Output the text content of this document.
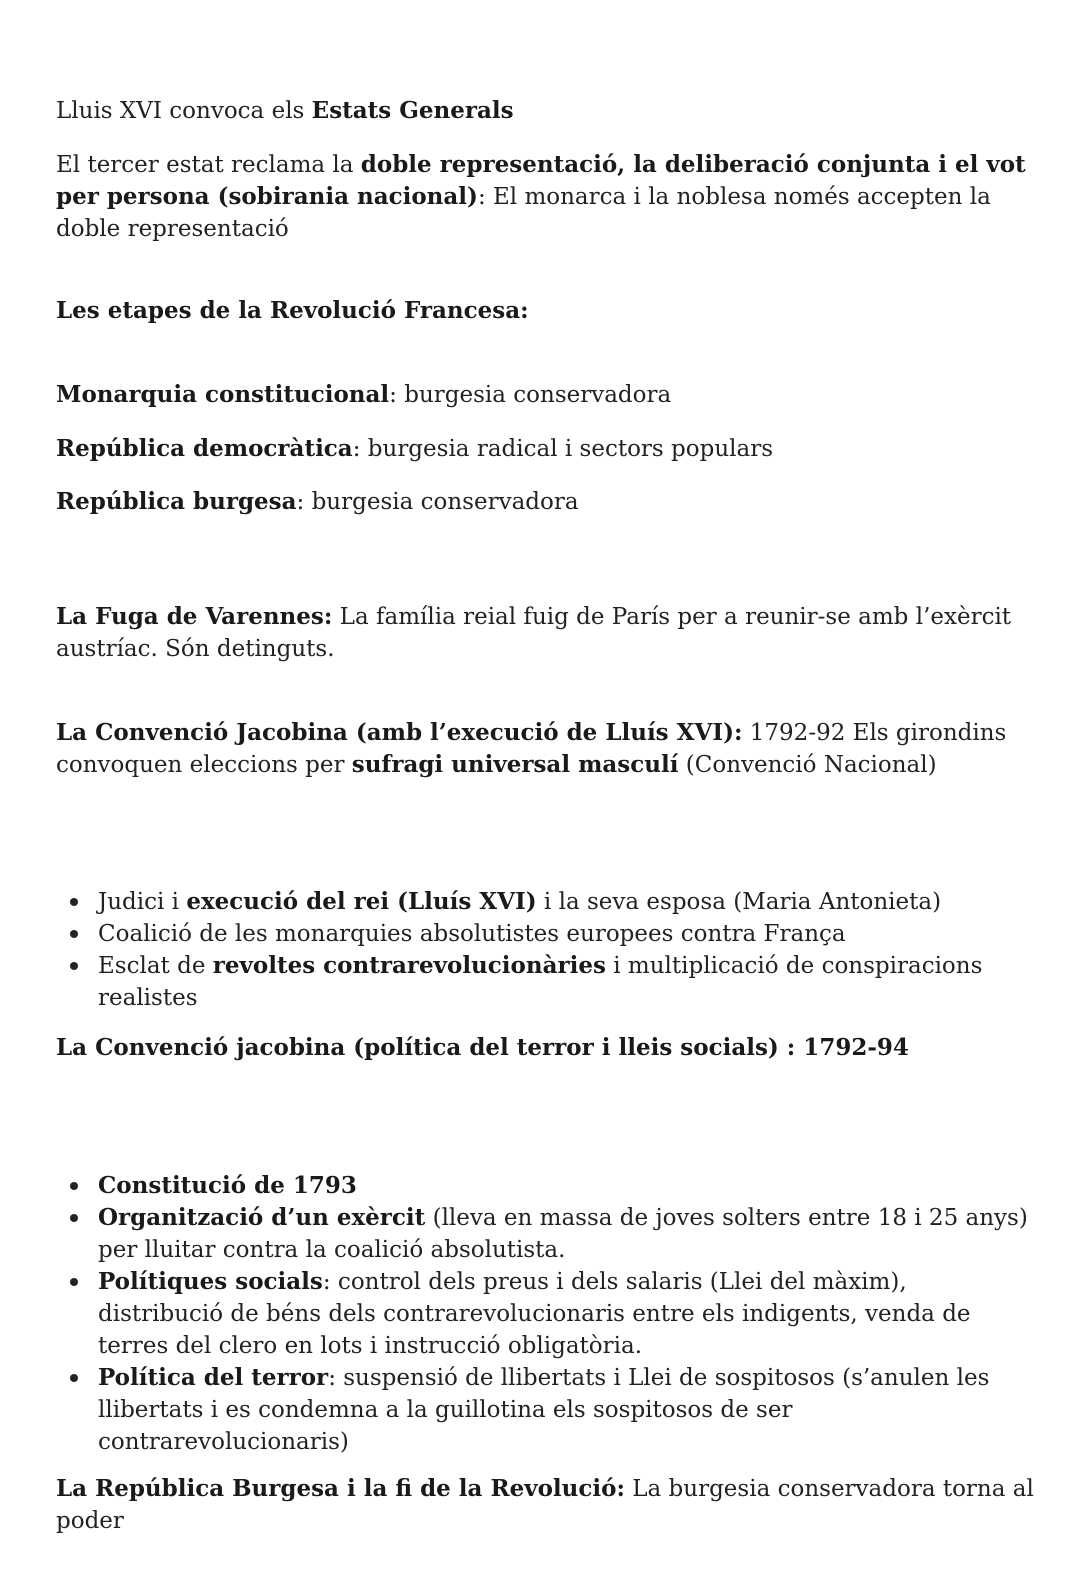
Lluis XVI convoca els Estats Generals

El tercer estat reclama la doble representació, la deliberació conjunta i el vot per persona (sobirania nacional): El monarca i la noblesa només accepten la doble representació

Les etapes de la Revolució Francesa:

Monarquia constitucional: burgesia conservadora

República democràtica: burgesia radical i sectors populars

República burgesa: burgesia conservadora

La Fuga de Varennes: La família reial fuig de París per a reunir-se amb l’exèrcit austríac. Són detinguts.

La Convenció Jacobina (amb l’execució de Lluís XVI): 1792-92 Els girondins convoquen eleccions per sufragi universal masculí (Convenció Nacional)

Judici i execució del rei (Lluís XVI) i la seva esposa (Maria Antonieta)
Coalició de les monarquies absolutistes europees contra França
Esclat de revoltes contrarevolucionàries i multiplicació de conspiracions realistes

La Convenció jacobina (política del terror i lleis socials) : 1792-94

Constitució de 1793
Organització d’un exèrcit (lleva en massa de joves solters entre 18 i 25 anys) per lluitar contra la coalició absolutista.
Polítiques socials: control dels preus i dels salaris (Llei del màxim), distribució de béns dels contrarevolucionaris entre els indigents, venda de terres del clero en lots i instrucció obligatòria.
Política del terror: suspensió de llibertats i Llei de sospitosos (s’anulen les llibertats i es condemna a la guillotina els sospitosos de ser contrarevolucionaris)

La República Burgesa i la fi de la Revolució: La burgesia conservadora torna al poder
